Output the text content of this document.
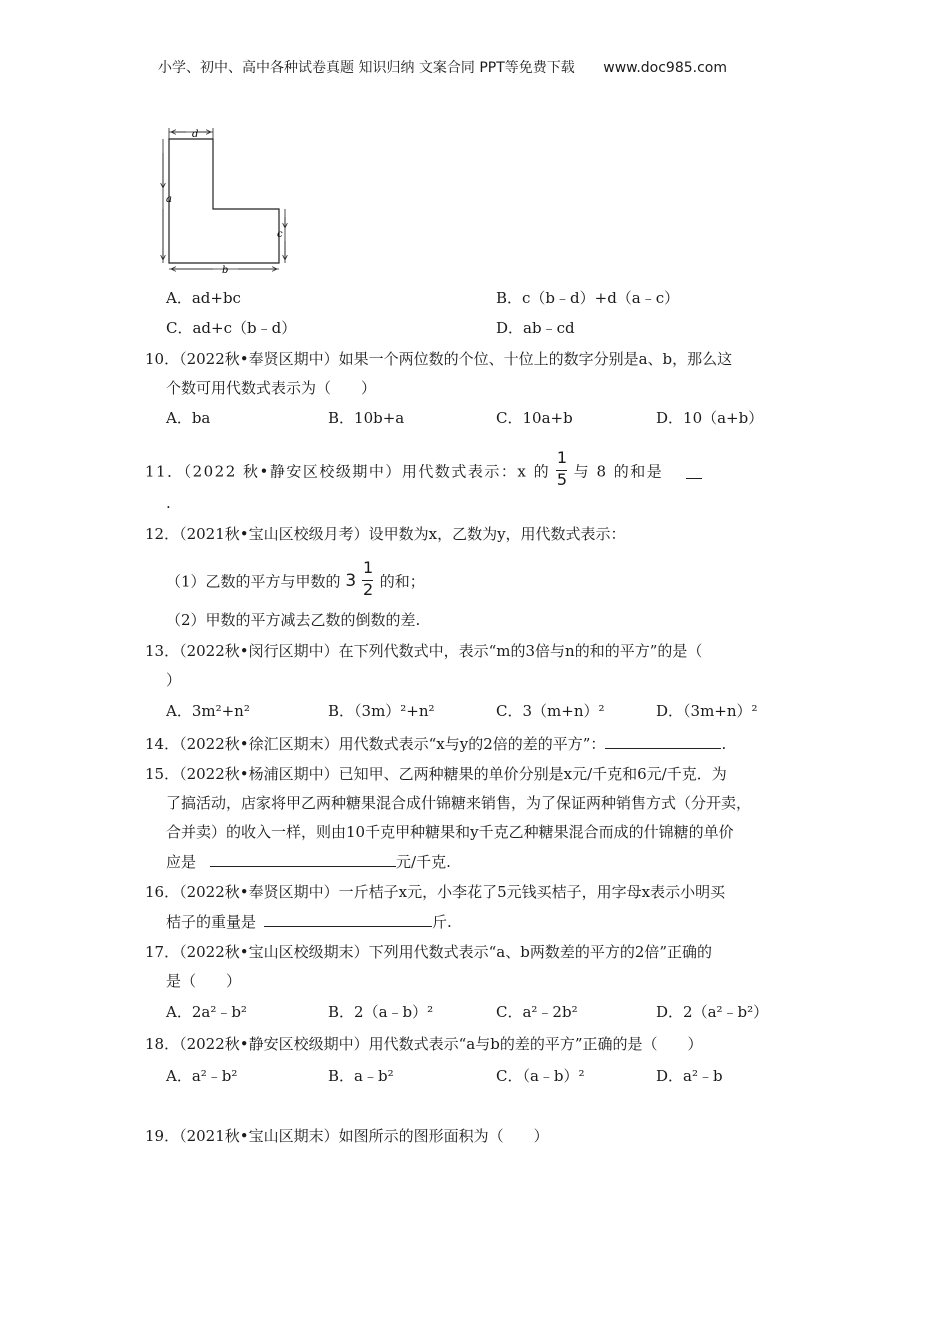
小学、初中、高中各种试卷真题 知识归纳 文案合同 PPT等免费下载 www.doc985.com
d
a
c
b
A．ad+bc	B．c（b﹣d）+d（a﹣c）
C．ad+c（b﹣d）	D．ab﹣cd
10．（2022秋•奉贤区期中）如果一个两位数的个位、十位上的数字分别是a、b，那么这
个数可用代数式表示为（　　）
A．ba	B．10b+a	C．10a+b	D．10（a+b）
11．（2022 秋•静安区校级期中）用代数式表示：x 的 $\frac{1}{5}$ 与 8 的和是
.
12．（2021秋•宝山区校级月考）设甲数为x，乙数为y，用代数式表示：
（1）乙数的平方与甲数的 $3 \frac{1}{2}$ 的和；
（2）甲数的平方减去乙数的倒数的差.
13．（2022秋•闵行区期中）在下列代数式中，表示“m的3倍与n的和的平方”的是（
）
A．3m²+n²	B．（3m）²+n²	C．3（m+n）²	D．（3m+n）²
14．（2022秋•徐汇区期末）用代数式表示“x与y的2倍的差的平方”：	.
15．（2022秋•杨浦区期中）已知甲、乙两种糖果的单价分别是x元/千克和6元/千克．为
了搞活动，店家将甲乙两种糖果混合成什锦糖来销售，为了保证两种销售方式（分开卖，
合并卖）的收入一样，则由10千克甲种糖果和y千克乙种糖果混合而成的什锦糖的单价
应是	元/千克.
16．（2022秋•奉贤区期中）一斤桔子x元，小李花了5元钱买桔子，用字母x表示小明买
桔子的重量是	斤.
17．（2022秋•宝山区校级期末）下列用代数式表示“a、b两数差的平方的2倍”正确的
是（　　）
A．2a²﹣b²	B．2（a﹣b）²	C．a²﹣2b²	D．2（a²﹣b²）
18．（2022秋•静安区校级期中）用代数式表示“a与b的差的平方”正确的是（　　）
A．a²﹣b²	B．a﹣b²	C．（a﹣b）²	D．a²﹣b
19．（2021秋•宝山区期末）如图所示的图形面积为（　　）
